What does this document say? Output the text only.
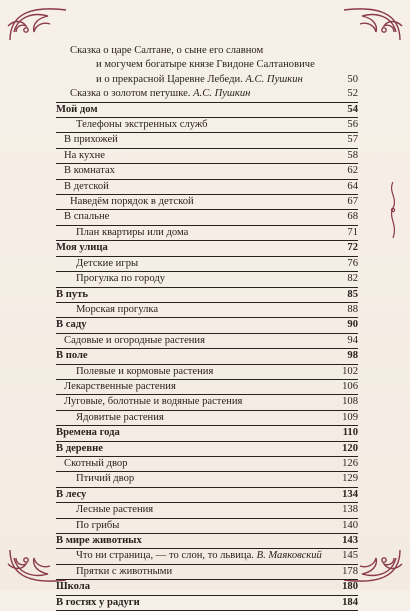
Сказка о царе Салтане, о сыне его славном
и могучем богатыре князе Гвидоне Салтановиче
и о прекрасной Царевне Лебеди. А.С. Пушкин	50
Сказка о золотом петушке. А.С. Пушкин	52
Мой дом	54
Телефоны экстренных служб	56
В прихожей	57
На кухне	58
В комнатах	62
В детской	64
Наведём порядок в детской	67
В спальне	68
План квартиры или дома	71
Моя улица	72
Детские игры	76
Прогулка по городу	82
В путь	85
Морская прогулка	88
В саду	90
Садовые и огородные растения	94
В поле	98
Полевые и кормовые растения	102
Лекарственные растения	106
Луговые, болотные и водяные растения	108
Ядовитые растения	109
Времена года	110
В деревне	120
Скотный двор	126
Птичий двор	129
В лесу	134
Лесные растения	138
По грибы	140
В мире животных	143
Что ни страница, — то слон, то львица. В. Маяковский 145
Прятки с животными	178
Школа	180
В гостях у радуги	184
